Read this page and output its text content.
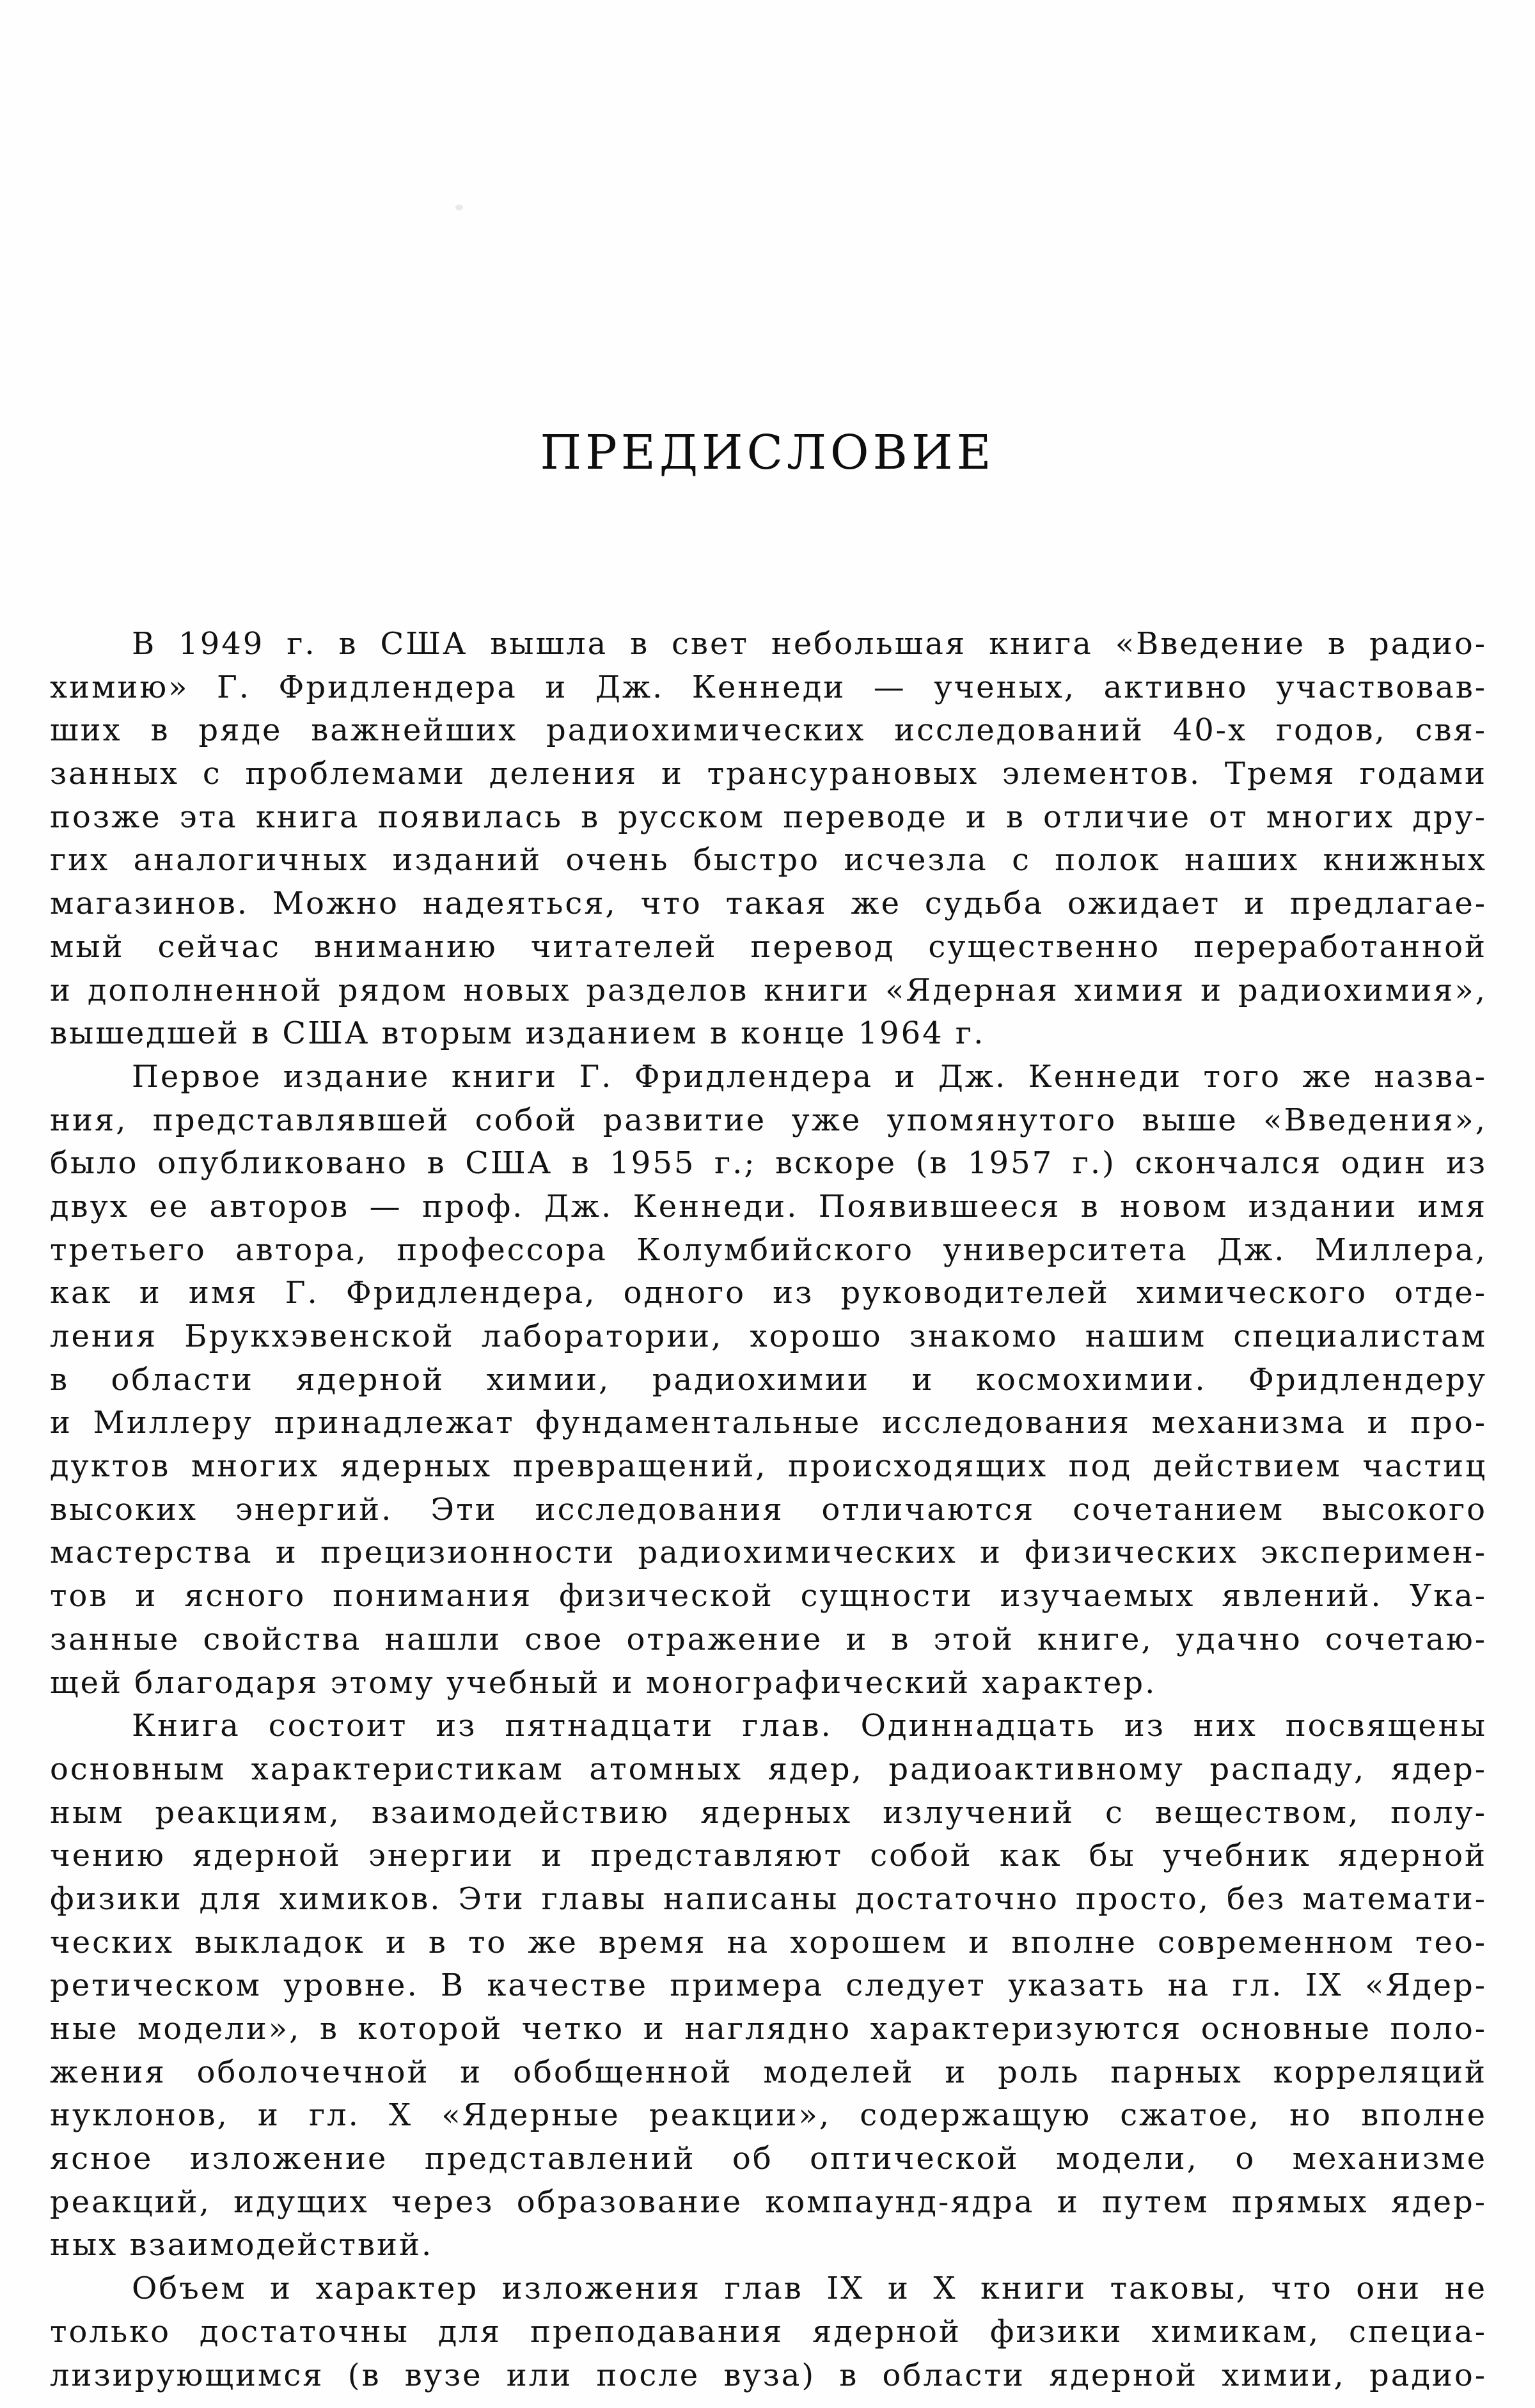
ПРЕДИСЛОВИЕ
В 1949 г. в США вышла в свет небольшая книга «Введение в радио-
химию» Г. Фридлендера и Дж. Кеннеди — ученых, активно участвовав-
ших в ряде важнейших радиохимических исследований 40-х годов, свя-
занных с проблемами деления и трансурановых элементов. Тремя годами
позже эта книга появилась в русском переводе и в отличие от многих дру-
гих аналогичных изданий очень быстро исчезла с полок наших книжных
магазинов. Можно надеяться, что такая же судьба ожидает и предлагае-
мый сейчас вниманию читателей перевод существенно переработанной
и дополненной рядом новых разделов книги «Ядерная химия и радиохимия»,
вышедшей в США вторым изданием в конце 1964 г.
Первое издание книги Г. Фридлендера и Дж. Кеннеди того же назва-
ния, представлявшей собой развитие уже упомянутого выше «Введения»,
было опубликовано в США в 1955 г.; вскоре (в 1957 г.) скончался один из
двух ее авторов — проф. Дж. Кеннеди. Появившееся в новом издании имя
третьего автора, профессора Колумбийского университета Дж. Миллера,
как и имя Г. Фридлендера, одного из руководителей химического отде-
ления Брукхэвенской лаборатории, хорошо знакомо нашим специалистам
в области ядерной химии, радиохимии и космохимии. Фридлендеру
и Миллеру принадлежат фундаментальные исследования механизма и про-
дуктов многих ядерных превращений, происходящих под действием частиц
высоких энергий. Эти исследования отличаются сочетанием высокого
мастерства и прецизионности радиохимических и физических эксперимен-
тов и ясного понимания физической сущности изучаемых явлений. Ука-
занные свойства нашли свое отражение и в этой книге, удачно сочетаю-
щей благодаря этому учебный и монографический характер.
Книга состоит из пятнадцати глав. Одиннадцать из них посвящены
основным характеристикам атомных ядер, радиоактивному распаду, ядер-
ным реакциям, взаимодействию ядерных излучений с веществом, полу-
чению ядерной энергии и представляют собой как бы учебник ядерной
физики для химиков. Эти главы написаны достаточно просто, без математи-
ческих выкладок и в то же время на хорошем и вполне современном тео-
ретическом уровне. В качестве примера следует указать на гл. IX «Ядер-
ные модели», в которой четко и наглядно характеризуются основные поло-
жения оболочечной и обобщенной моделей и роль парных корреляций
нуклонов, и гл. X «Ядерные реакции», содержащую сжатое, но вполне
ясное изложение представлений об оптической модели, о механизме
реакций, идущих через образование компаунд-ядра и путем прямых ядер-
ных взаимодействий.
Объем и характер изложения глав IX и X книги таковы, что они не
только достаточны для преподавания ядерной физики химикам, специа-
лизирующимся (в вузе или после вуза) в области ядерной химии, радио-
